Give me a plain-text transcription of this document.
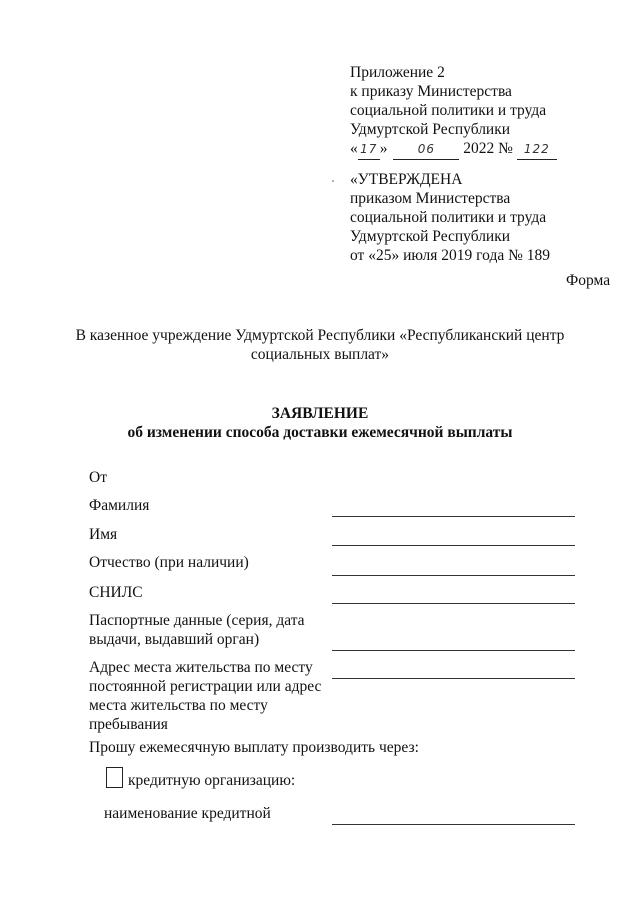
Приложение 2
к приказу Министерства
социальной политики и труда
Удмуртской Республики
« 17 »	06 2022 № 122
«УТВЕРЖДЕНА
приказом Министерства
социальной политики и труда
Удмуртской Республики
от «25» июля 2019 года № 189
Форма
В казенное учреждение Удмуртской Республики «Республиканский центр
социальных выплат»
ЗАЯВЛЕНИЕ
об изменении способа доставки ежемесячной выплаты
От
Фамилия
Имя
Отчество (при наличии)
СНИЛС
Паспортные данные (серия, дата
выдачи, выдавший орган)
Адрес места жительства по месту
постоянной регистрации или адрес
места жительства по месту
пребывания
Прошу ежемесячную выплату производить через:
кредитную организацию:
наименование кредитной
